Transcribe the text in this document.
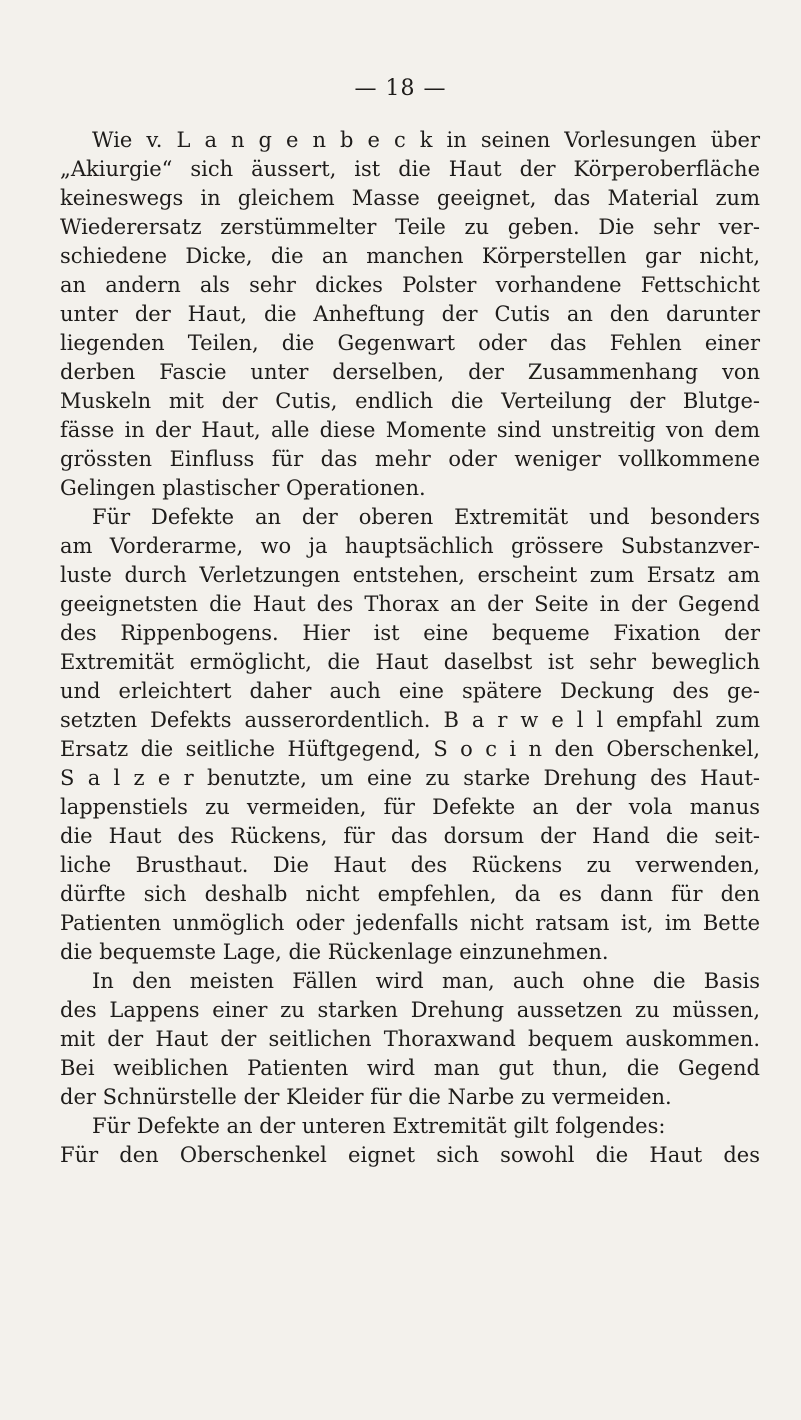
— 18 —
Wie v. L a n g e n b e c k in seinen Vorlesungen über
„Akiurgie“ sich äussert, ist die Haut der Körperoberfläche
keineswegs in gleichem Masse geeignet, das Material zum
Wiederersatz zerstümmelter Teile zu geben. Die sehr ver-
schiedene Dicke, die an manchen Körperstellen gar nicht,
an andern als sehr dickes Polster vorhandene Fettschicht
unter der Haut, die Anheftung der Cutis an den darunter
liegenden Teilen, die Gegenwart oder das Fehlen einer
derben Fascie unter derselben, der Zusammenhang von
Muskeln mit der Cutis, endlich die Verteilung der Blutge-
fässe in der Haut, alle diese Momente sind unstreitig von dem
grössten Einfluss für das mehr oder weniger vollkommene
Gelingen plastischer Operationen.
Für Defekte an der oberen Extremität und besonders
am Vorderarme, wo ja hauptsächlich grössere Substanzver-
luste durch Verletzungen entstehen, erscheint zum Ersatz am
geeignetsten die Haut des Thorax an der Seite in der Gegend
des Rippenbogens. Hier ist eine bequeme Fixation der
Extremität ermöglicht, die Haut daselbst ist sehr beweglich
und erleichtert daher auch eine spätere Deckung des ge-
setzten Defekts ausserordentlich. B a r w e l l empfahl zum
Ersatz die seitliche Hüftgegend, S o c i n den Oberschenkel,
S a l z e r benutzte, um eine zu starke Drehung des Haut-
lappenstiels zu vermeiden, für Defekte an der vola manus
die Haut des Rückens, für das dorsum der Hand die seit-
liche Brusthaut. Die Haut des Rückens zu verwenden,
dürfte sich deshalb nicht empfehlen, da es dann für den
Patienten unmöglich oder jedenfalls nicht ratsam ist, im Bette
die bequemste Lage, die Rückenlage einzunehmen.
In den meisten Fällen wird man, auch ohne die Basis
des Lappens einer zu starken Drehung aussetzen zu müssen,
mit der Haut der seitlichen Thoraxwand bequem auskommen.
Bei weiblichen Patienten wird man gut thun, die Gegend
der Schnürstelle der Kleider für die Narbe zu vermeiden.
Für Defekte an der unteren Extremität gilt folgendes:
Für den Oberschenkel eignet sich sowohl die Haut des
